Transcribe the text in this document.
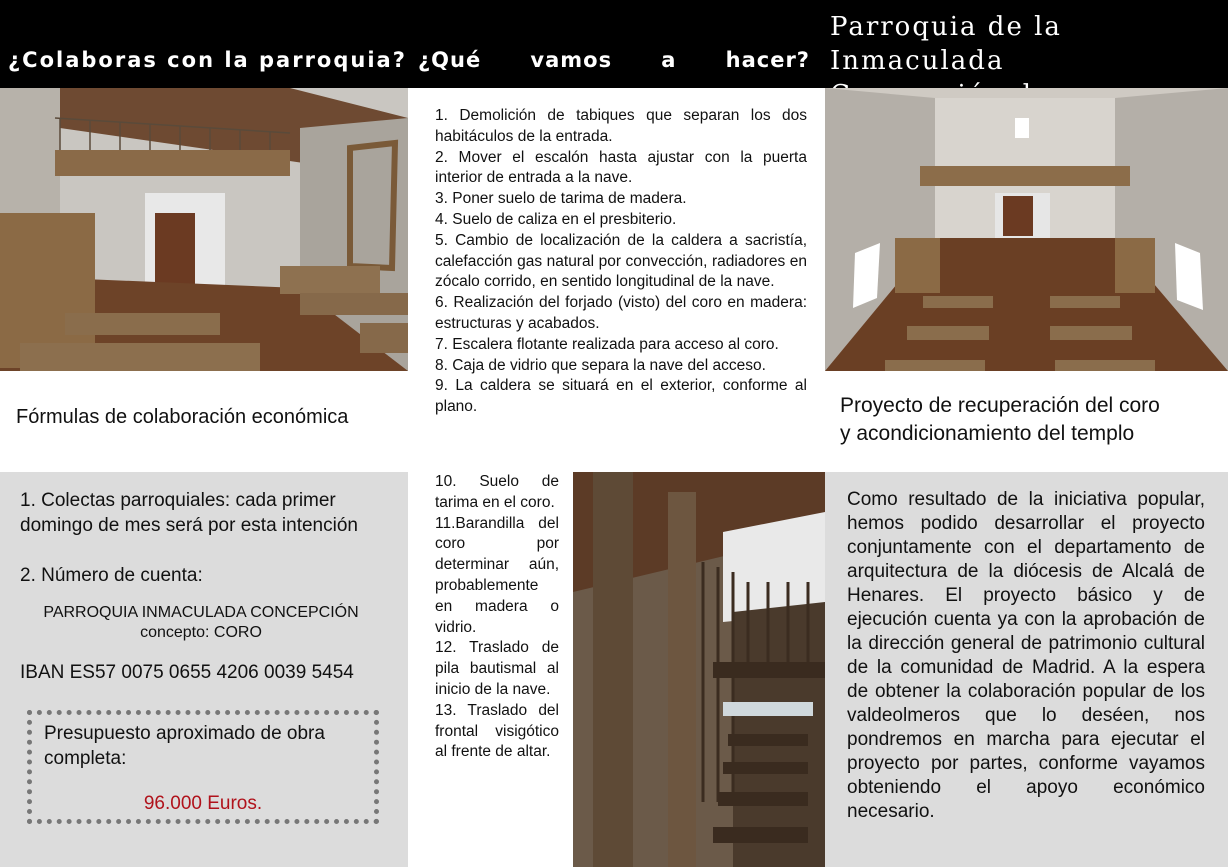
¿Colaboras con la parroquia? ¿Qué vamos a hacer?
Parroquia de la Inmaculada
Fórmulas de colaboración económica	Proyecto de recuperación del coro
y acondicionamiento del templo

1. Demolición de tabiques que separan los dos habitáculos de la entrada.

2. Mover el escalón hasta ajustar con la puerta interior de entrada a la nave.

3. Poner suelo de tarima de madera.

4. Suelo de caliza en el presbiterio.

5. Cambio de localización de la caldera a sacristía, calefacción gas natural por convección, radiadores en zócalo corrido, en sentido longitudinal de la nave.

6. Realización del forjado (visto) del coro en madera: estructuras y acabados.

7. Escalera flotante realizada para acceso al coro.

8. Caja de vidrio que separa la nave del acceso.

9. La caldera se situará en el exterior, conforme al plano.

10. Suelo de tarima en el coro.

11.Barandilla del coro por determinar aún, probablemente en madera o vidrio.

12. Traslado de pila bautismal al inicio de la nave.

13. Traslado del frontal visigótico al frente de altar.

1. Colectas parroquiales: cada primer domingo de mes será por esta intención
2. Número de cuenta:
PARROQUIA INMACULADA CONCEPCIÓN
concepto: CORO
IBAN ES57 0075 0655 4206 0039 5454
Presupuesto aproximado de obra completa:
96.000 Euros.
Como resultado de la iniciativa popular, hemos podido desarrollar el proyecto conjuntamente con el departamento de arquitectura de la diócesis de Alcalá de Henares. El proyecto básico y de ejecución cuenta ya con la aprobación de la dirección general de patrimonio cultural de la comunidad de Madrid. A la espera de obtener la colaboración popular de los valdeolmeros que lo deséen, nos pondremos en marcha para ejecutar el proyecto por partes, conforme vayamos obteniendo el apoyo económico necesario.
